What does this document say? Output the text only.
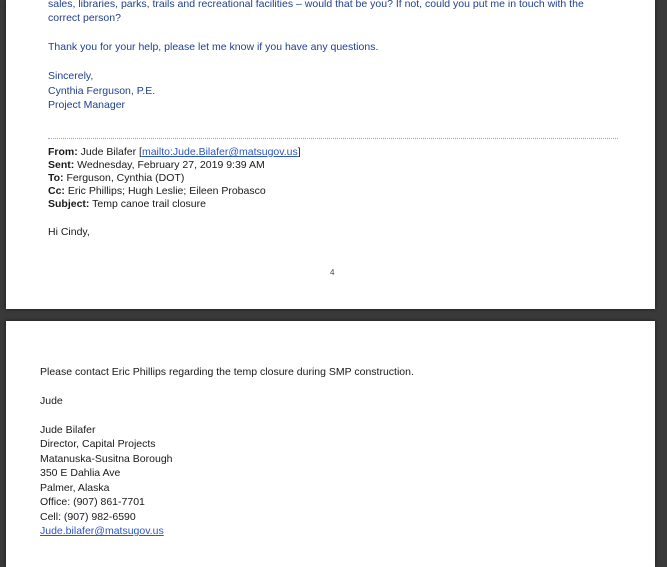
sales, libraries, parks, trails and recreational facilities – would that be you? If not, could you put me in touch with the
correct person?
Thank you for your help, please let me know if you have any questions.
Sincerely,
Cynthia Ferguson, P.E.
Project Manager
From: Jude Bilafer [mailto:Jude.Bilafer@matsugov.us]
Sent: Wednesday, February 27, 2019 9:39 AM
To: Ferguson, Cynthia (DOT)
Cc: Eric Phillips; Hugh Leslie; Eileen Probasco
Subject: Temp canoe trail closure
Hi Cindy,
4
Please contact Eric Phillips regarding the temp closure during SMP construction.
Jude
Jude Bilafer
Director, Capital Projects
Matanuska-Susitna Borough
350 E Dahlia Ave
Palmer, Alaska
Office: (907) 861-7701
Cell: (907) 982-6590
Jude.bilafer@matsugov.us
